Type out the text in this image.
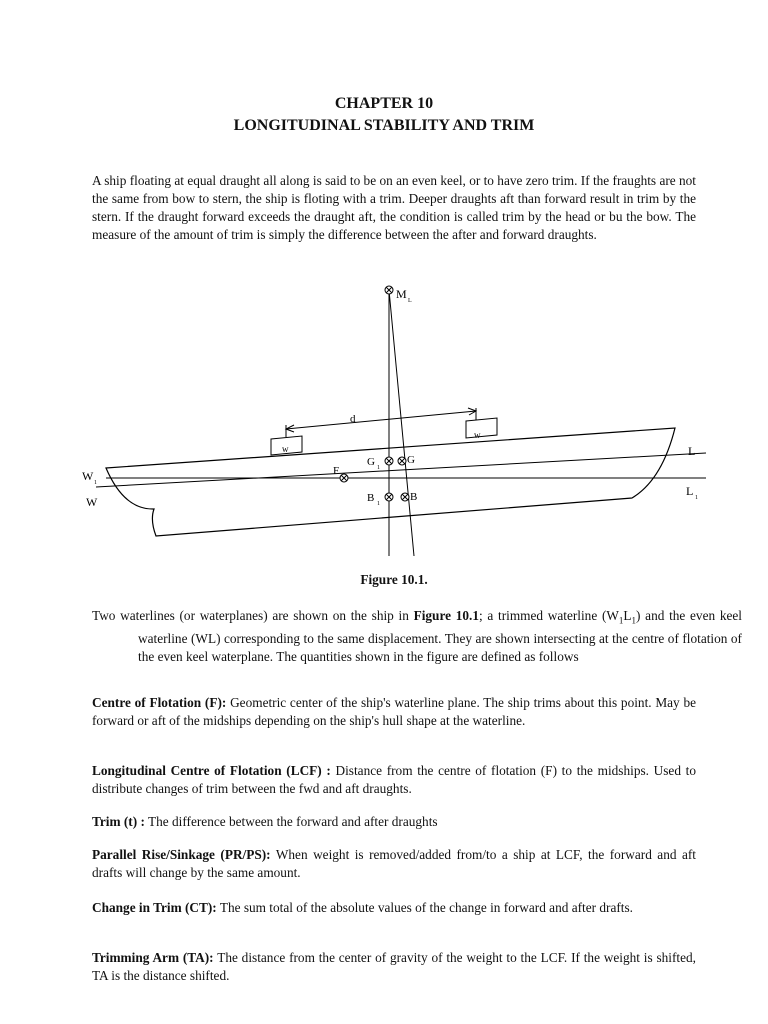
CHAPTER 10
LONGITUDINAL STABILITY AND TRIM
A ship floating at equal draught all along is said to be on an even keel, or to have zero trim. If the fraughts are not the same from bow to stern, the ship is floting with a trim. Deeper draughts aft than forward result in trim by the stern. If the draught forward exceeds the draught aft, the condition is called trim by the head or bu the bow. The measure of the amount of trim is simply the difference between the after and forward draughts.
M L
d
w
w
G 1
G
F
B 1
B
W 1
W
L
L 1
Figure 10.1.
Two waterlines (or waterplanes) are shown on the ship in Figure 10.1; a trimmed waterline $(W_1L_1)$ and the even keel waterline (WL) corresponding to the same displacement. They are shown intersecting at the centre of flotation of the even keel waterplane. The quantities shown in the figure are defined as follows
Centre of Flotation (F): Geometric center of the ship's waterline plane. The ship trims about this point. May be forward or aft of the midships depending on the ship's hull shape at the waterline.
Longitudinal Centre of Flotation (LCF) : Distance from the centre of flotation (F) to the midships. Used to distribute changes of trim between the fwd and aft draughts.
Trim (t) : The difference between the forward and after draughts
Parallel Rise/Sinkage (PR/PS): When weight is removed/added from/to a ship at LCF, the forward and aft drafts will change by the same amount.
Change in Trim (CT): The sum total of the absolute values of the change in forward and after drafts.
Trimming Arm (TA): The distance from the center of gravity of the weight to the LCF. If the weight is shifted, TA is the distance shifted.
